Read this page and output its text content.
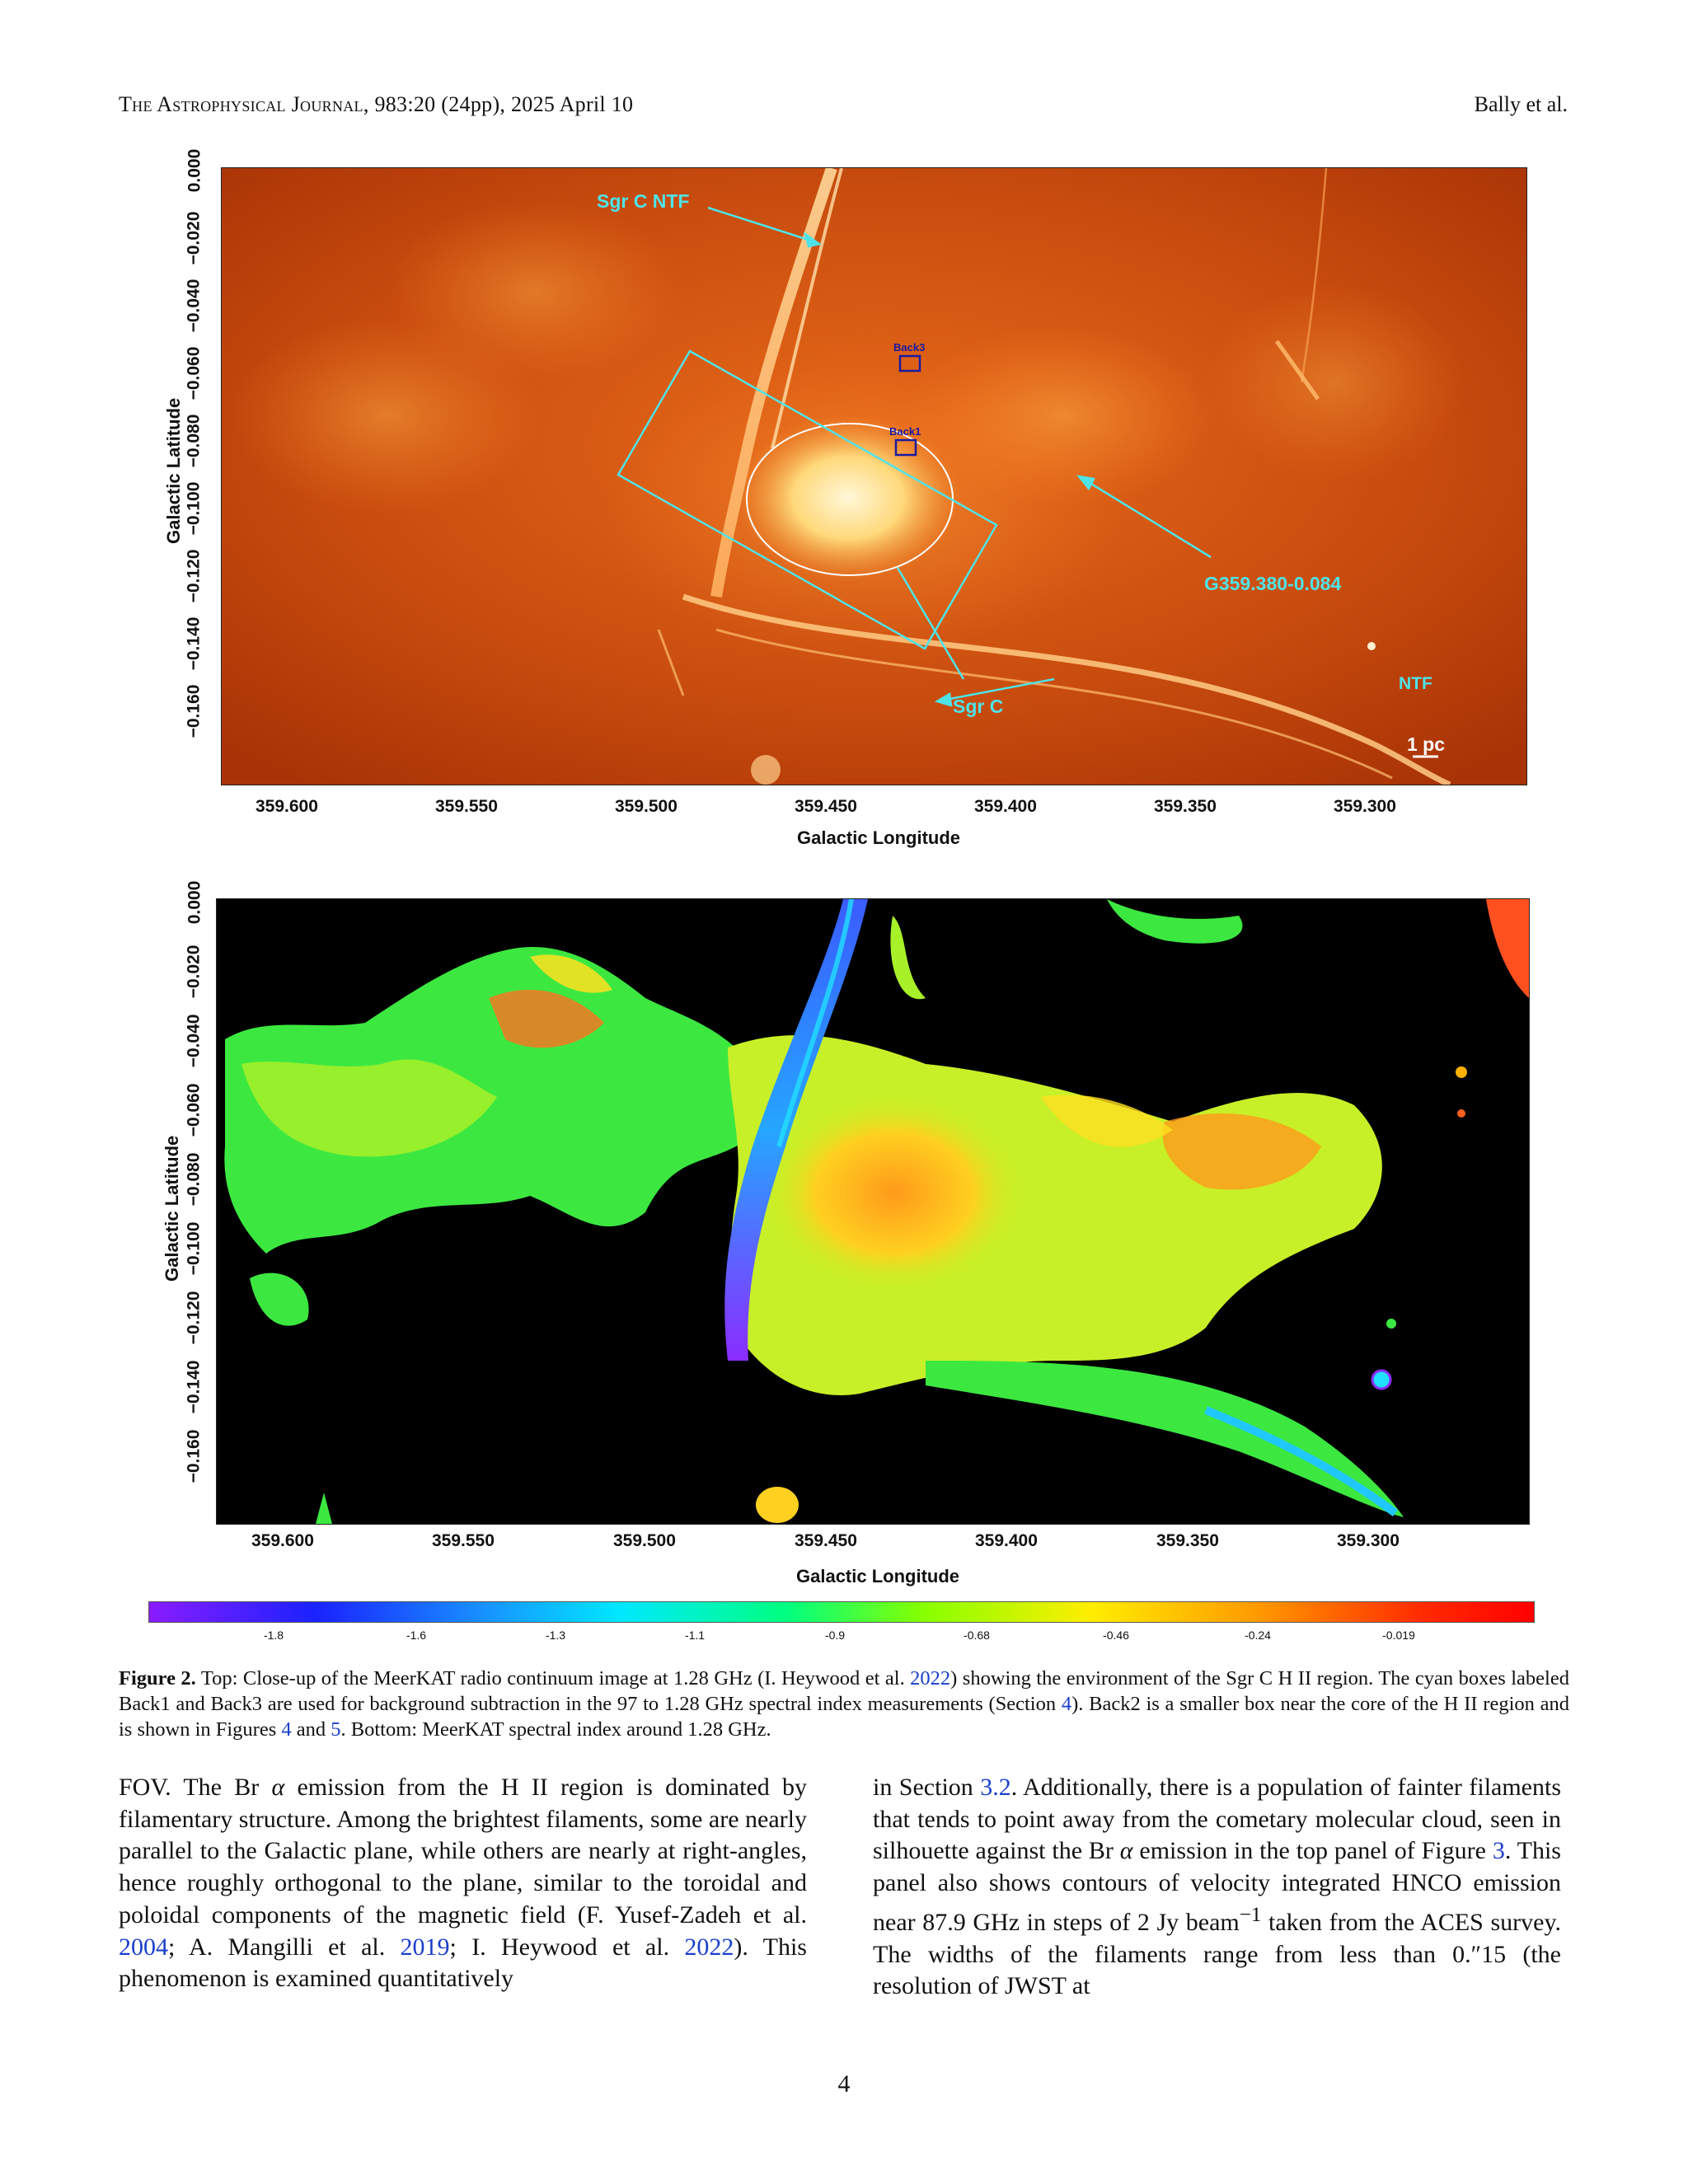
The Astrophysical Journal, 983:20 (24pp), 2025 April 10	Bally et al.
Back3
Back1
Sgr C NTF
G359.380-0.084
NTF
Sgr C
1 pc
Galactic Latitude
Galactic Longitude
0.000
−0.020
−0.040
−0.060
−0.080
−0.100
−0.120
−0.140
−0.160
359.600	359.550	359.500	359.450	359.400	359.350	359.300
Galactic Latitude
Galactic Longitude
0.000
−0.020
−0.040
−0.060
−0.080
−0.100
−0.120
−0.140
−0.160
359.600	359.550	359.500	359.450	359.400	359.350	359.300
-1.8	-1.6	-1.3	-1.1	-0.9	-0.68	-0.46	-0.24	-0.019
Figure 2. Top: Close-up of the MeerKAT radio continuum image at 1.28 GHz (I. Heywood et al. 2022) showing the environment of the Sgr C H II region. The cyan boxes labeled Back1 and Back3 are used for background subtraction in the 97 to 1.28 GHz spectral index measurements (Section 4). Back2 is a smaller box near the core of the H II region and is shown in Figures 4 and 5. Bottom: MeerKAT spectral index around 1.28 GHz.
FOV. The Br α emission from the H II region is dominated by filamentary structure. Among the brightest filaments, some are nearly parallel to the Galactic plane, while others are nearly at right-angles, hence roughly orthogonal to the plane, similar to the toroidal and poloidal components of the magnetic field (F. Yusef-Zadeh et al. 2004; A. Mangilli et al. 2019; I. Heywood et al. 2022). This phenomenon is examined quantitatively
in Section 3.2. Additionally, there is a population of fainter filaments that tends to point away from the cometary molecular cloud, seen in silhouette against the Br α emission in the top panel of Figure 3. This panel also shows contours of velocity integrated HNCO emission near 87.9 GHz in steps of 2 Jy beam$^{-1}$ taken from the ACES survey. The widths of the filaments range from less than 0.″15 (the resolution of JWST at
4
